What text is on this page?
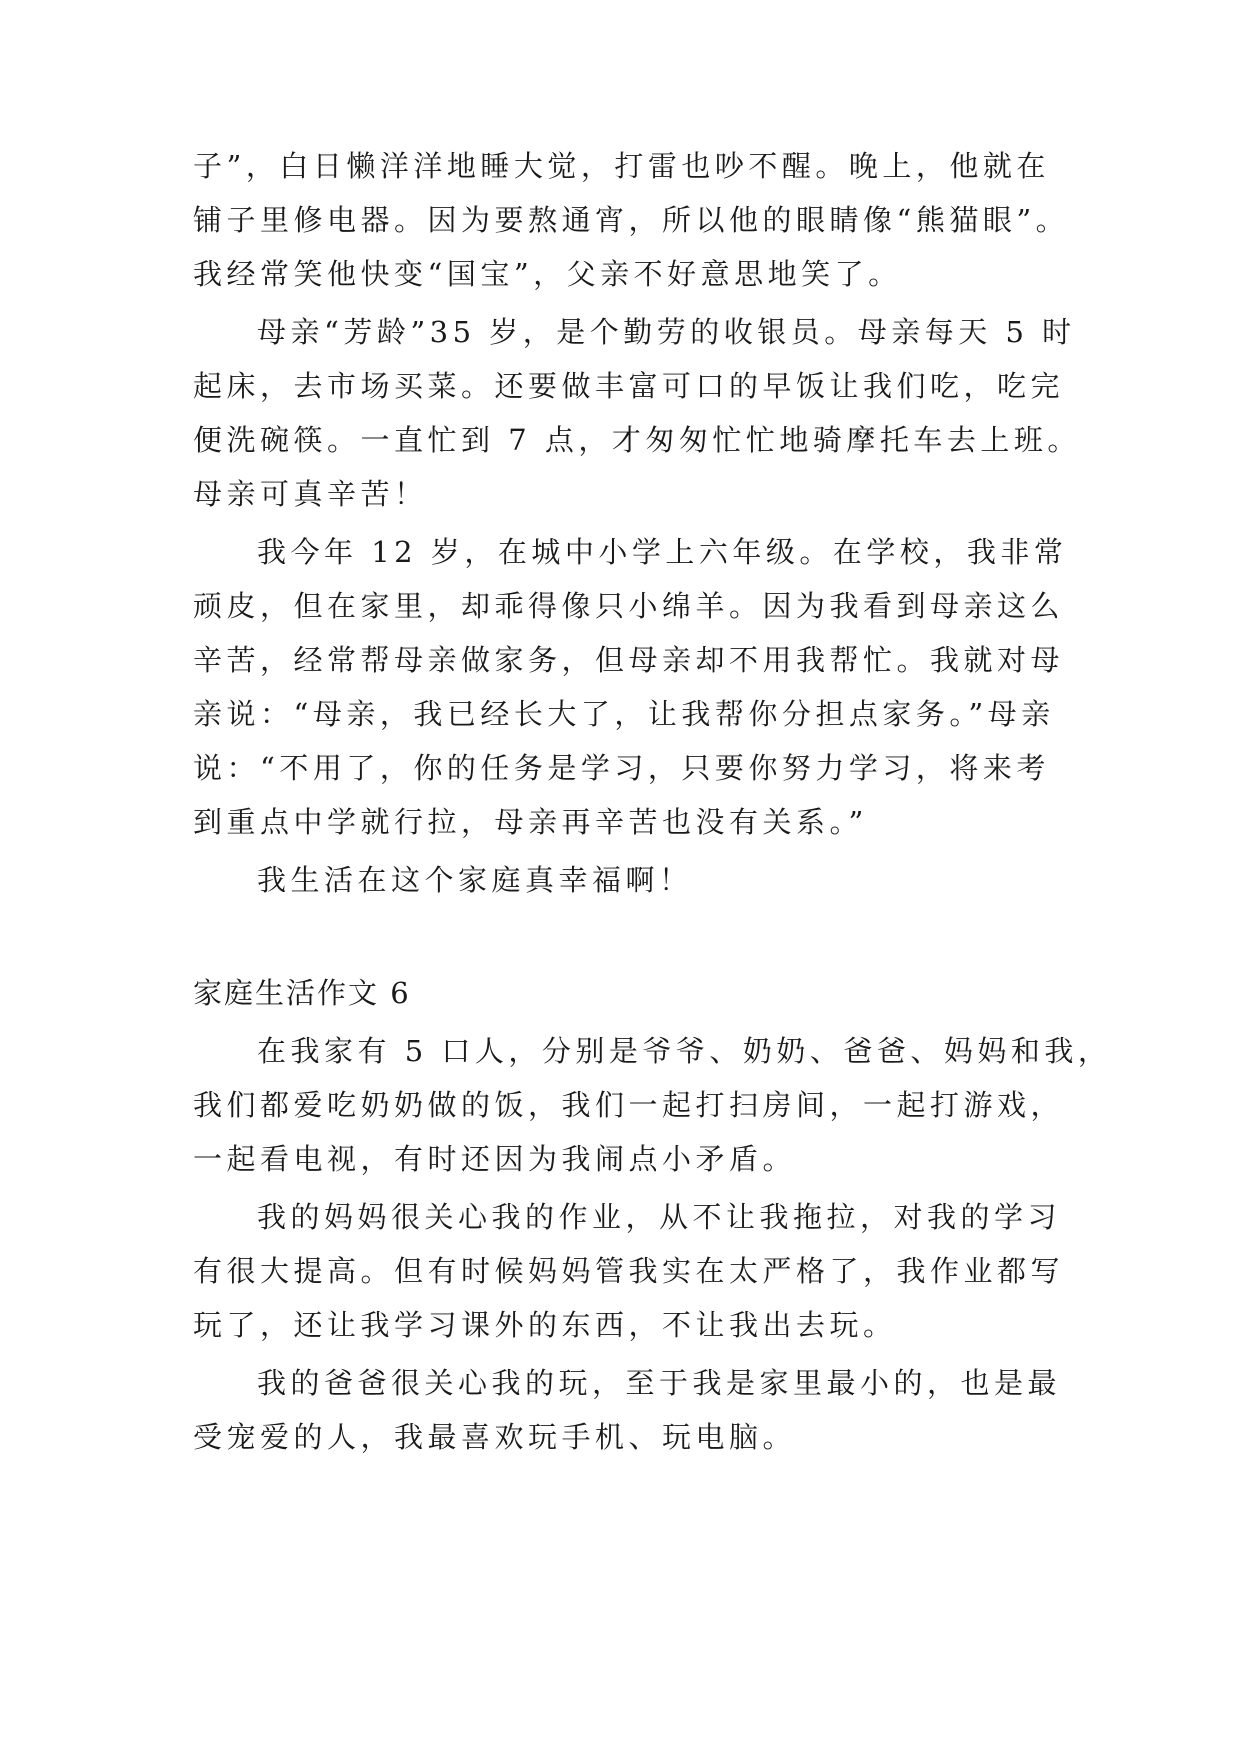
子”，白日懒洋洋地睡大觉，打雷也吵不醒。晚上，他就在
铺子里修电器。因为要熬通宵，所以他的眼睛像“熊猫眼”。
我经常笑他快变“国宝”，父亲不好意思地笑了。
母亲“芳龄”35 岁，是个勤劳的收银员。母亲每天 5 时
起床，去市场买菜。还要做丰富可口的早饭让我们吃，吃完
便洗碗筷。一直忙到 7 点，才匆匆忙忙地骑摩托车去上班。
母亲可真辛苦！
我今年 12 岁，在城中小学上六年级。在学校，我非常
顽皮，但在家里，却乖得像只小绵羊。因为我看到母亲这么
辛苦，经常帮母亲做家务，但母亲却不用我帮忙。我就对母
亲说：“母亲，我已经长大了，让我帮你分担点家务。”母亲
说：“不用了，你的任务是学习，只要你努力学习，将来考
到重点中学就行拉，母亲再辛苦也没有关系。”
我生活在这个家庭真幸福啊！
家庭生活作文 6
在我家有 5 口人，分别是爷爷、奶奶、爸爸、妈妈和我，
我们都爱吃奶奶做的饭，我们一起打扫房间，一起打游戏，
一起看电视，有时还因为我闹点小矛盾。
我的妈妈很关心我的作业，从不让我拖拉，对我的学习
有很大提高。但有时候妈妈管我实在太严格了，我作业都写
玩了，还让我学习课外的东西，不让我出去玩。
我的爸爸很关心我的玩，至于我是家里最小的，也是最
受宠爱的人，我最喜欢玩手机、玩电脑。
